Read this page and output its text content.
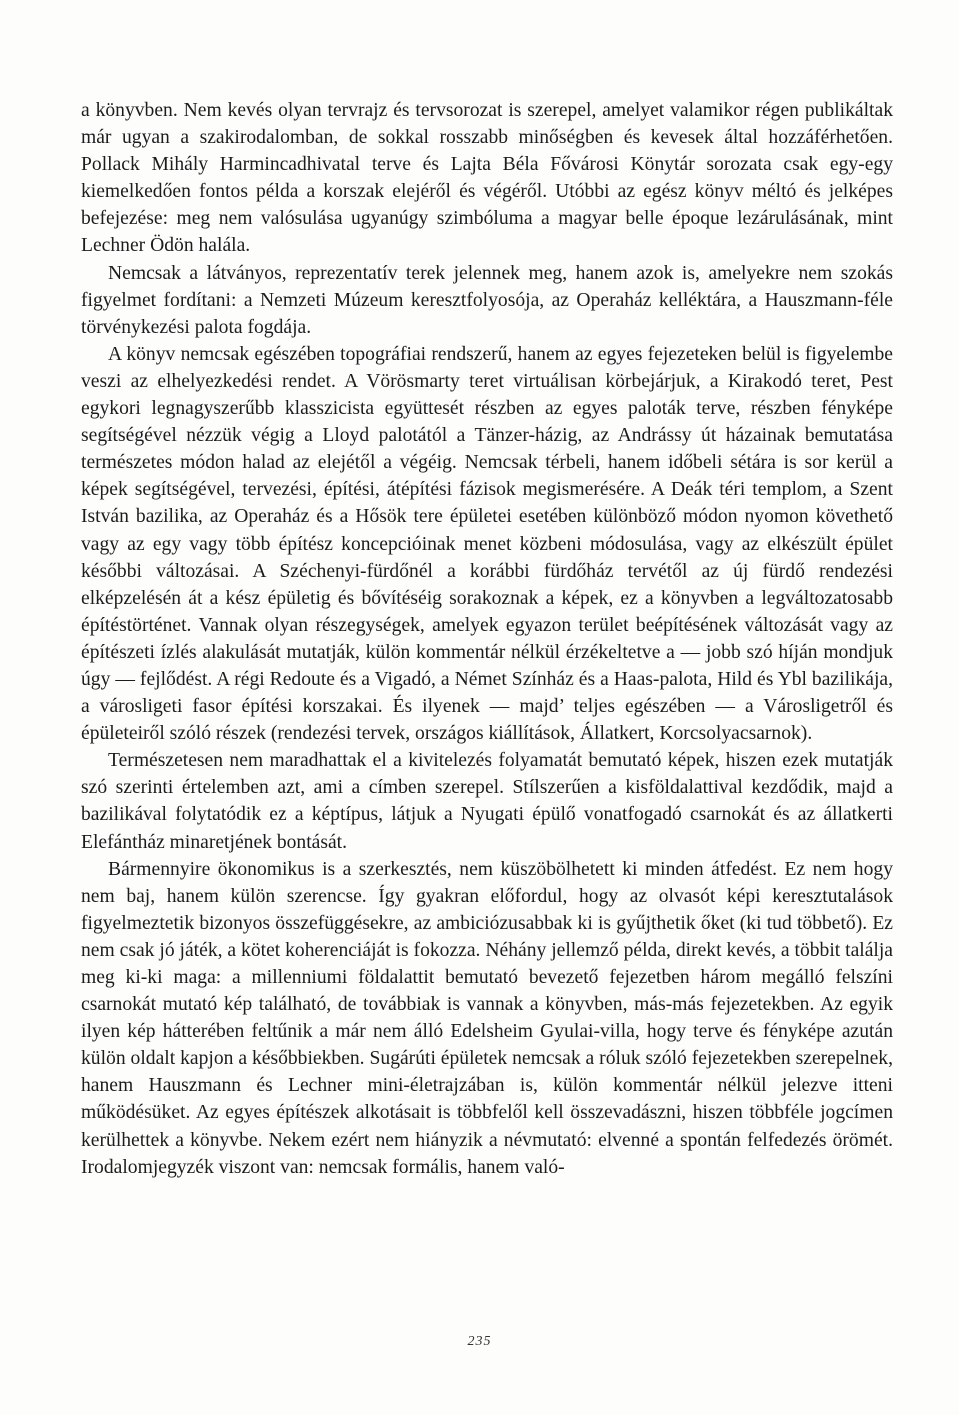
a könyvben. Nem kevés olyan tervrajz és tervsorozat is szerepel, amelyet valamikor régen publikáltak már ugyan a szakirodalomban, de sokkal rosszabb minőségben és kevesek által hozzáférhetően. Pollack Mihály Harmincadhivatal terve és Lajta Béla Fővárosi Könytár sorozata csak egy-egy kiemelkedően fontos példa a korszak elejéről és végéről. Utóbbi az egész könyv méltó és jelképes befejezése: meg nem valósulása ugyanúgy szimbóluma a magyar belle époque lezárulásának, mint Lechner Ödön halála.

Nemcsak a látványos, reprezentatív terek jelennek meg, hanem azok is, amelyekre nem szokás figyelmet fordítani: a Nemzeti Múzeum keresztfolyosója, az Operaház kelléktára, a Hauszmann-féle törvénykezési palota fogdája.

A könyv nemcsak egészében topográfiai rendszerű, hanem az egyes fejezeteken belül is figyelembe veszi az elhelyezkedési rendet. A Vörösmarty teret virtuálisan körbejárjuk, a Kirakodó teret, Pest egykori legnagyszerűbb klasszicista együttesét részben az egyes paloták terve, részben fényképe segítségével nézzük végig a Lloyd palotától a Tänzer-házig, az Andrássy út házainak bemutatása természetes módon halad az elejétől a végéig. Nemcsak térbeli, hanem időbeli sétára is sor kerül a képek segítségével, tervezési, építési, átépítési fázisok megismerésére. A Deák téri templom, a Szent István bazilika, az Operaház és a Hősök tere épületei esetében különböző módon nyomon követhető vagy az egy vagy több építész koncepcióinak menet közbeni módosulása, vagy az elkészült épület későbbi változásai. A Széchenyi-fürdőnél a korábbi fürdőház tervétől az új fürdő rendezési elképzelésén át a kész épületig és bővítéséig sorakoznak a képek, ez a könyvben a legváltozatosabb építéstörténet. Vannak olyan részegységek, amelyek egyazon terület beépítésének változását vagy az építészeti ízlés alakulását mutatják, külön kommentár nélkül érzékeltetve a — jobb szó híján mondjuk úgy — fejlődést. A régi Redoute és a Vigadó, a Német Színház és a Haas-palota, Hild és Ybl bazilikája, a városligeti fasor építési korszakai. És ilyenek — majd’ teljes egészében — a Városligetről és épületeiről szóló részek (rendezési tervek, országos kiállítások, Állatkert, Korcsolyacsarnok).

Természetesen nem maradhattak el a kivitelezés folyamatát bemutató képek, hiszen ezek mutatják szó szerinti értelemben azt, ami a címben szerepel. Stílszerűen a kisföldalattival kezdődik, majd a bazilikával folytatódik ez a képtípus, látjuk a Nyugati épülő vonatfogadó csarnokát és az állatkerti Elefántház minaretjének bontását.

Bármennyire ökonomikus is a szerkesztés, nem küszöbölhetett ki minden átfedést. Ez nem hogy nem baj, hanem külön szerencse. Így gyakran előfordul, hogy az olvasót képi keresztutalások figyelmeztetik bizonyos összefüggésekre, az ambiciózusabbak ki is gyűjthetik őket (ki tud többető). Ez nem csak jó játék, a kötet koherenciáját is fokozza. Néhány jellemző példa, direkt kevés, a többit találja meg ki-ki maga: a millenniumi földalattit bemutató bevezető fejezetben három megálló felszíni csarnokát mutató kép található, de továbbiak is vannak a könyvben, más-más fejezetekben. Az egyik ilyen kép hátterében feltűnik a már nem álló Edelsheim Gyulai-villa, hogy terve és fényképe azután külön oldalt kapjon a későbbiekben. Sugárúti épületek nemcsak a róluk szóló fejezetekben szerepelnek, hanem Hauszmann és Lechner mini-életrajzában is, külön kommentár nélkül jelezve itteni működésüket. Az egyes építészek alkotásait is többfelől kell összevadászni, hiszen többféle jogcímen kerülhettek a könyvbe. Nekem ezért nem hiányzik a névmutató: elvenné a spontán felfedezés örömét. Irodalomjegyzék viszont van: nemcsak formális, hanem való-

235
